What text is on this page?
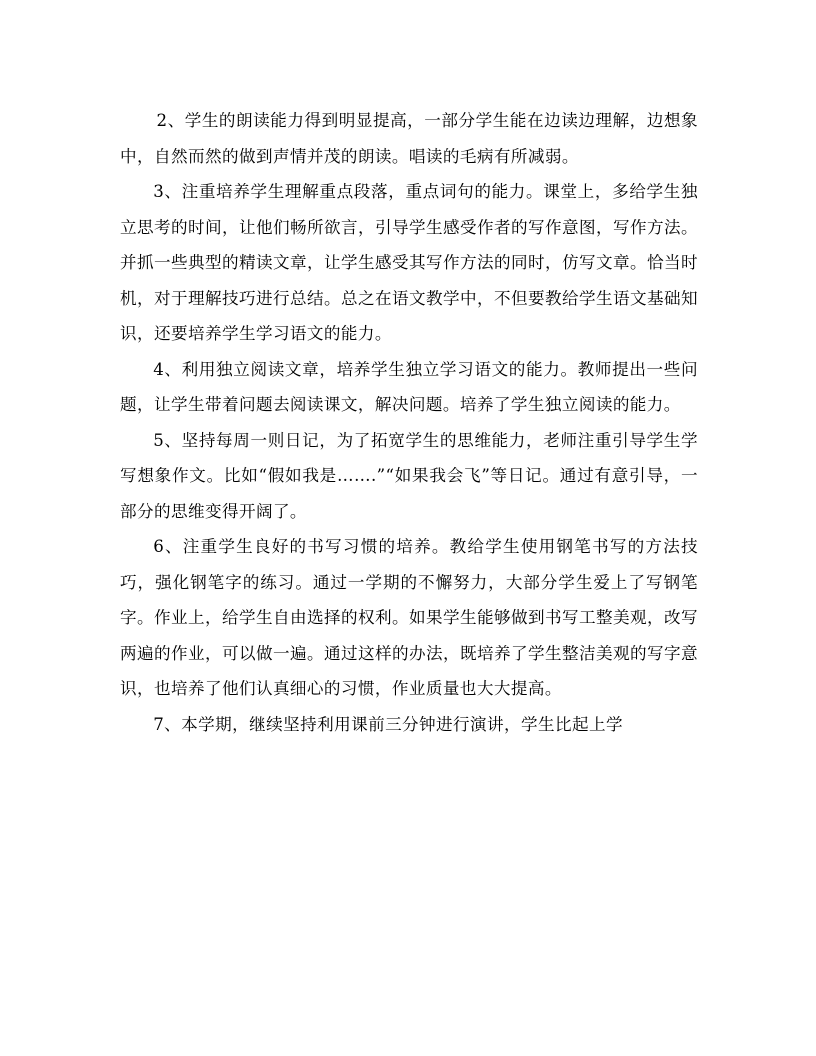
2、学生的朗读能力得到明显提高，一部分学生能在边读边理解，边想象中，自然而然的做到声情并茂的朗读。唱读的毛病有所减弱。

3、注重培养学生理解重点段落，重点词句的能力。课堂上，多给学生独立思考的时间，让他们畅所欲言，引导学生感受作者的写作意图，写作方法。并抓一些典型的精读文章，让学生感受其写作方法的同时，仿写文章。恰当时机，对于理解技巧进行总结。总之在语文教学中，不但要教给学生语文基础知识，还要培养学生学习语文的能力。

4、利用独立阅读文章，培养学生独立学习语文的能力。教师提出一些问题，让学生带着问题去阅读课文，解决问题。培养了学生独立阅读的能力。

5、坚持每周一则日记，为了拓宽学生的思维能力，老师注重引导学生学写想象作文。比如“假如我是…….”“如果我会飞”等日记。通过有意引导，一部分的思维变得开阔了。

6、注重学生良好的书写习惯的培养。教给学生使用钢笔书写的方法技巧，强化钢笔字的练习。通过一学期的不懈努力，大部分学生爱上了写钢笔字。作业上，给学生自由选择的权利。如果学生能够做到书写工整美观，改写两遍的作业，可以做一遍。通过这样的办法，既培养了学生整洁美观的写字意识，也培养了他们认真细心的习惯，作业质量也大大提高。

7、本学期，继续坚持利用课前三分钟进行演讲，学生比起上学
